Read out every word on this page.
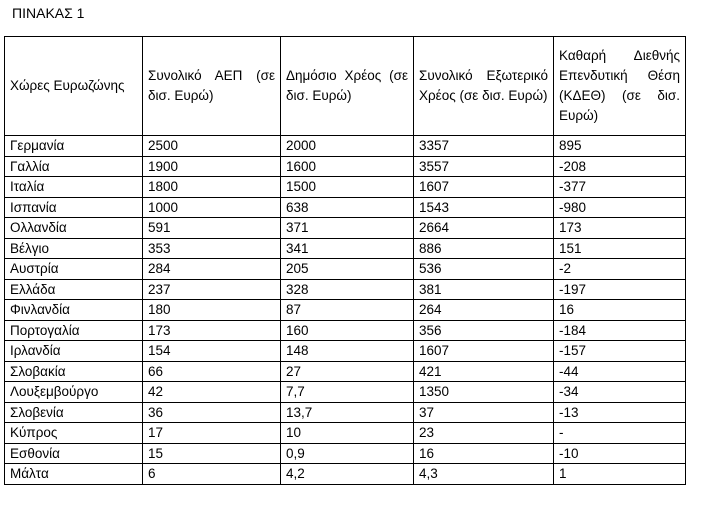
ΠΙΝΑΚΑΣ 1
Χώρες Ευρωζώνης	Συνολικό ΑΕΠ (σε δισ. Ευρώ)	Δημόσιο Χρέος (σε δισ. Ευρώ)	Συνολικό Εξωτερικό Χρέος (σε δισ. Ευρώ)	Καθαρή Διεθνής Επενδυτική Θέση (ΚΔΕΘ) (σε δισ. Ευρώ)
Γερμανία	2500	2000	3357	895
Γαλλία	1900	1600	3557	-208
Ιταλία	1800	1500	1607	-377
Ισπανία	1000	638	1543	-980
Ολλανδία	591	371	2664	173
Βέλγιο	353	341	886	151
Αυστρία	284	205	536	-2
Ελλάδα	237	328	381	-197
Φινλανδία	180	87	264	16
Πορτογαλία	173	160	356	-184
Ιρλανδία	154	148	1607	-157
Σλοβακία	66	27	421	-44
Λουξεμβούργο	42	7,7	1350	-34
Σλοβενία	36	13,7	37	-13
Κύπρος	17	10	23	-
Εσθονία	15	0,9	16	-10
Μάλτα	6	4,2	4,3	1
